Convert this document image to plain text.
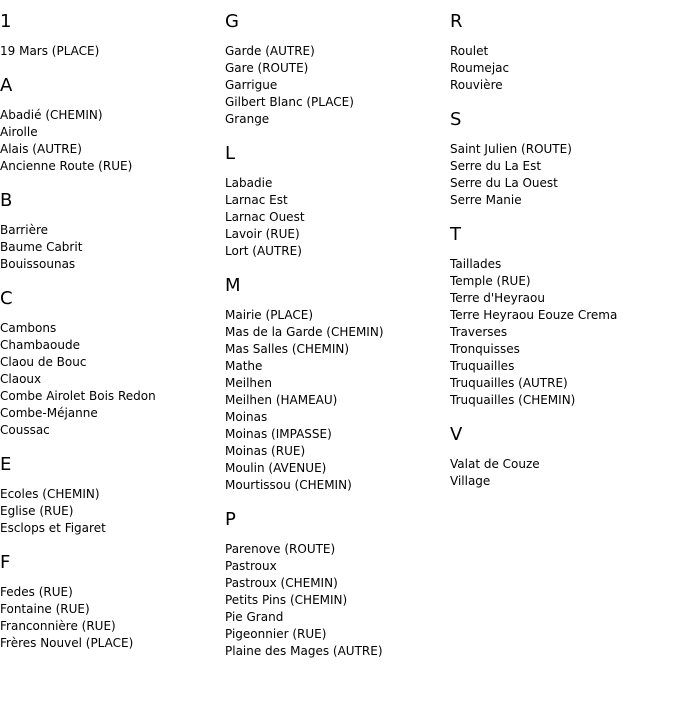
1
19 Mars (PLACE)
A
Abadié (CHEMIN)
Airolle
Alais (AUTRE)
Ancienne Route (RUE)
B
Barrière
Baume Cabrit
Bouissounas
C
Cambons
Chambaoude
Claou de Bouc
Claoux
Combe Airolet Bois Redon
Combe-Méjanne
Coussac
E
Ecoles (CHEMIN)
Eglise (RUE)
Esclops et Figaret
F
Fedes (RUE)
Fontaine (RUE)
Franconnière (RUE)
Frères Nouvel (PLACE)
G
Garde (AUTRE)
Gare (ROUTE)
Garrigue
Gilbert Blanc (PLACE)
Grange
L
Labadie
Larnac Est
Larnac Ouest
Lavoir (RUE)
Lort (AUTRE)
M
Mairie (PLACE)
Mas de la Garde (CHEMIN)
Mas Salles (CHEMIN)
Mathe
Meilhen
Meilhen (HAMEAU)
Moinas
Moinas (IMPASSE)
Moinas (RUE)
Moulin (AVENUE)
Mourtissou (CHEMIN)
P
Parenove (ROUTE)
Pastroux
Pastroux (CHEMIN)
Petits Pins (CHEMIN)
Pie Grand
Pigeonnier (RUE)
Plaine des Mages (AUTRE)
R
Roulet
Roumejac
Rouvière
S
Saint Julien (ROUTE)
Serre du La Est
Serre du La Ouest
Serre Manie
T
Taillades
Temple (RUE)
Terre d'Heyraou
Terre Heyraou Eouze Crema
Traverses
Tronquisses
Truquailles
Truquailles (AUTRE)
Truquailles (CHEMIN)
V
Valat de Couze
Village
